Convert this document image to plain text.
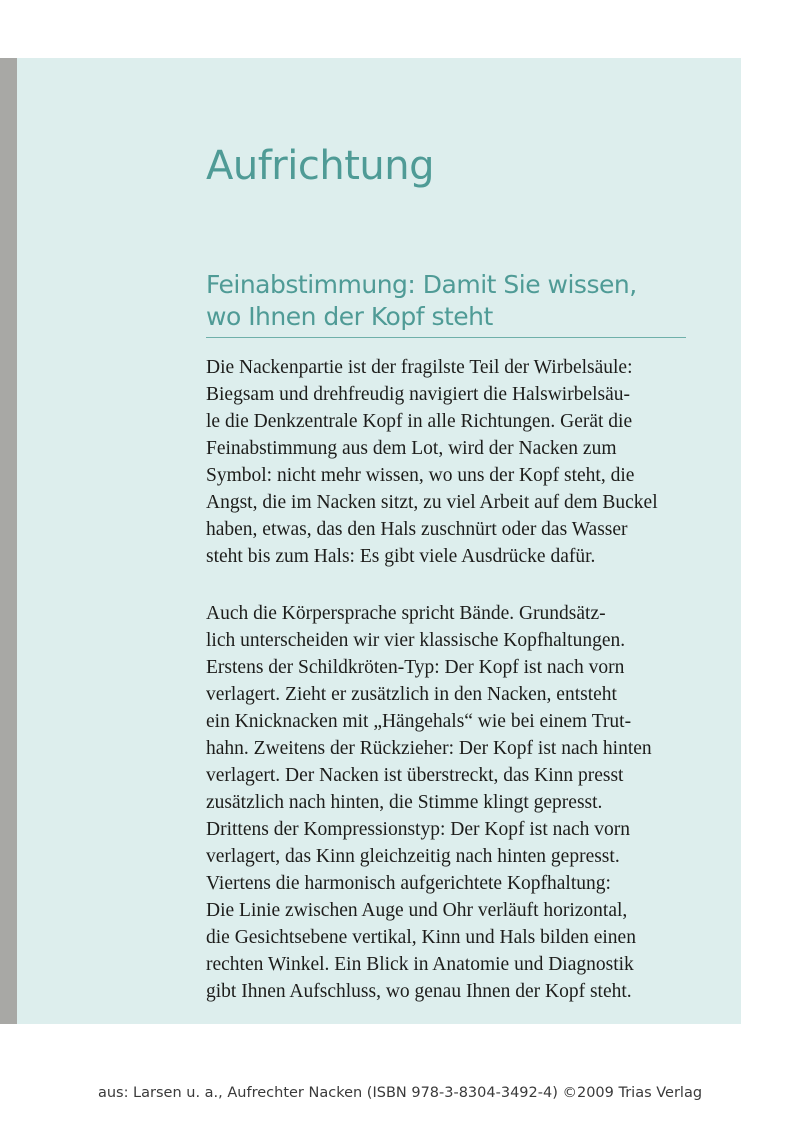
Aufrichtung
Feinabstimmung: Damit Sie wissen,
wo Ihnen der Kopf steht
Die Nackenpartie ist der fragilste Teil der Wirbelsäule:
Biegsam und drehfreudig navigiert die Halswirbelsäu-
le die Denkzentrale Kopf in alle Richtungen. Gerät die
Feinabstimmung aus dem Lot, wird der Nacken zum
Symbol: nicht mehr wissen, wo uns der Kopf steht, die
Angst, die im Nacken sitzt, zu viel Arbeit auf dem Buckel
haben, etwas, das den Hals zuschnürt oder das Wasser
steht bis zum Hals: Es gibt viele Ausdrücke dafür.
Auch die Körpersprache spricht Bände. Grundsätz-
lich unterscheiden wir vier klassische Kopfhaltungen.
Erstens der Schildkröten-Typ: Der Kopf ist nach vorn
verlagert. Zieht er zusätzlich in den Nacken, entsteht
ein Knicknacken mit „Hängehals“ wie bei einem Trut-
hahn. Zweitens der Rückzieher: Der Kopf ist nach hinten
verlagert. Der Nacken ist überstreckt, das Kinn presst
zusätzlich nach hinten, die Stimme klingt gepresst.
Drittens der Kompressionstyp: Der Kopf ist nach vorn
verlagert, das Kinn gleichzeitig nach hinten gepresst.
Viertens die harmonisch aufgerichtete Kopfhaltung:
Die Linie zwischen Auge und Ohr verläuft horizontal,
die Gesichtsebene vertikal, Kinn und Hals bilden einen
rechten Winkel. Ein Blick in Anatomie und Diagnostik
gibt Ihnen Aufschluss, wo genau Ihnen der Kopf steht.
aus: Larsen u. a., Aufrechter Nacken (ISBN 978-3-8304-3492-4) ©2009 Trias Verlag
